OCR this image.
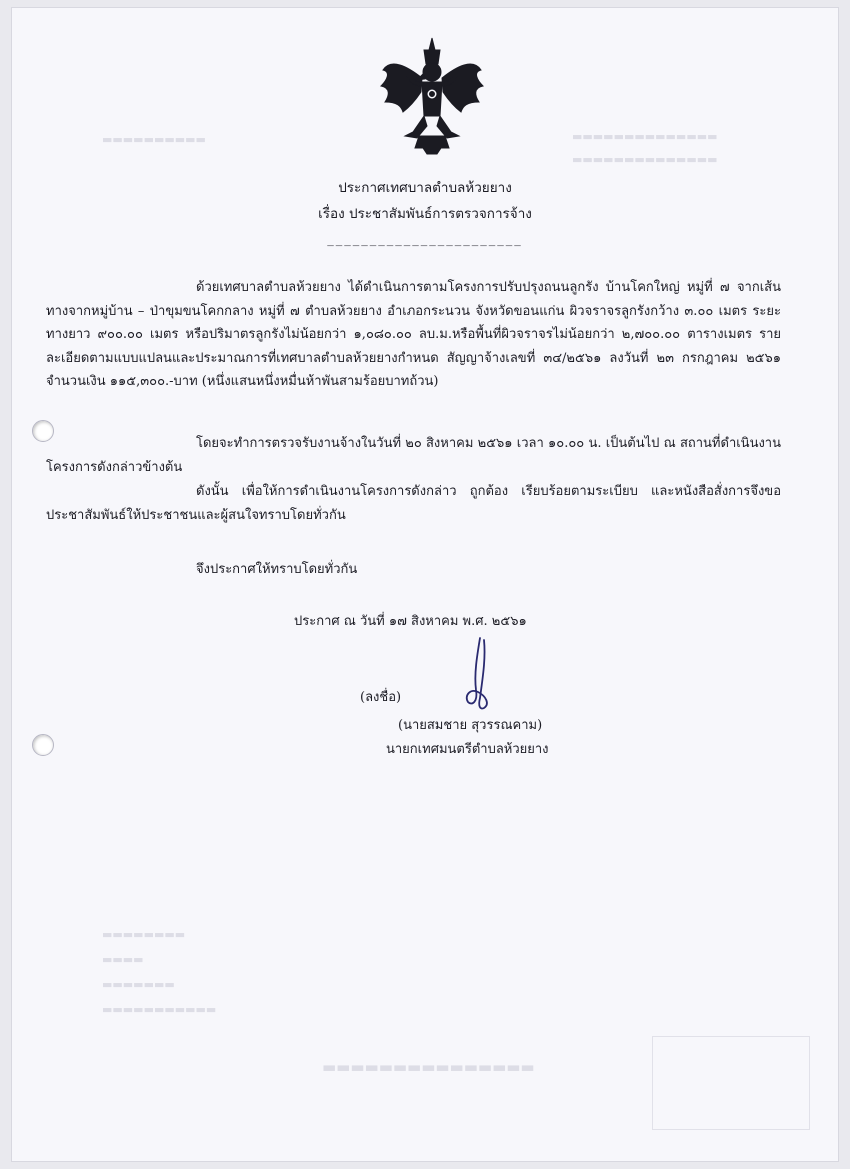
▬▬▬▬▬▬▬▬▬▬	▬▬▬▬▬▬▬▬▬▬▬▬▬▬
▬▬▬▬▬▬▬▬▬▬▬▬▬▬
▬▬▬▬▬▬▬▬
▬▬▬▬
▬▬▬▬▬▬▬
▬▬▬▬▬▬▬▬▬▬▬
▬▬▬▬▬▬▬▬▬▬▬▬▬▬▬
ประกาศเทศบาลตำบลห้วยยาง
เรื่อง ประชาสัมพันธ์การตรวจการจ้าง
_______________________
ด้วยเทศบาลตำบลห้วยยาง ได้ดำเนินการตามโครงการปรับปรุงถนนลูกรัง บ้านโคกใหญ่ หมู่ที่ ๗ จากเส้นทางจากหมู่บ้าน – ป่าขุมขนโคกกลาง หมู่ที่ ๗ ตำบลห้วยยาง อำเภอกระนวน จังหวัดขอนแก่น ผิวจราจรลูกรังกว้าง ๓.๐๐ เมตร ระยะทางยาว ๙๐๐.๐๐ เมตร หรือปริมาตรลูกรังไม่น้อยกว่า ๑,๐๘๐.๐๐ ลบ.ม.หรือพื้นที่ผิวจราจรไม่น้อยกว่า ๒,๗๐๐.๐๐ ตารางเมตร รายละเอียดตามแบบแปลนและประมาณการที่เทศบาลตำบลห้วยยางกำหนด สัญญาจ้างเลขที่ ๓๔/๒๕๖๑ ลงวันที่ ๒๓ กรกฎาคม ๒๕๖๑ จำนวนเงิน ๑๑๕,๓๐๐.-บาท (หนึ่งแสนหนึ่งหมื่นห้าพันสามร้อยบาทถ้วน)
โดยจะทำการตรวจรับงานจ้างในวันที่ ๒๐ สิงหาคม ๒๕๖๑ เวลา ๑๐.๐๐ น. เป็นต้นไป ณ สถานที่ดำเนินงานโครงการดังกล่าวข้างต้น
ดังนั้น เพื่อให้การดำเนินงานโครงการดังกล่าว ถูกต้อง เรียบร้อยตามระเบียบ และหนังสือสั่งการจึงขอประชาสัมพันธ์ให้ประชาชนและผู้สนใจทราบโดยทั่วกัน
จึงประกาศให้ทราบโดยทั่วกัน
ประกาศ ณ วันที่ ๑๗ สิงหาคม พ.ศ. ๒๕๖๑
(ลงชื่อ)
(นายสมชาย สุวรรณคาม)
นายกเทศมนตรีตำบลห้วยยาง
